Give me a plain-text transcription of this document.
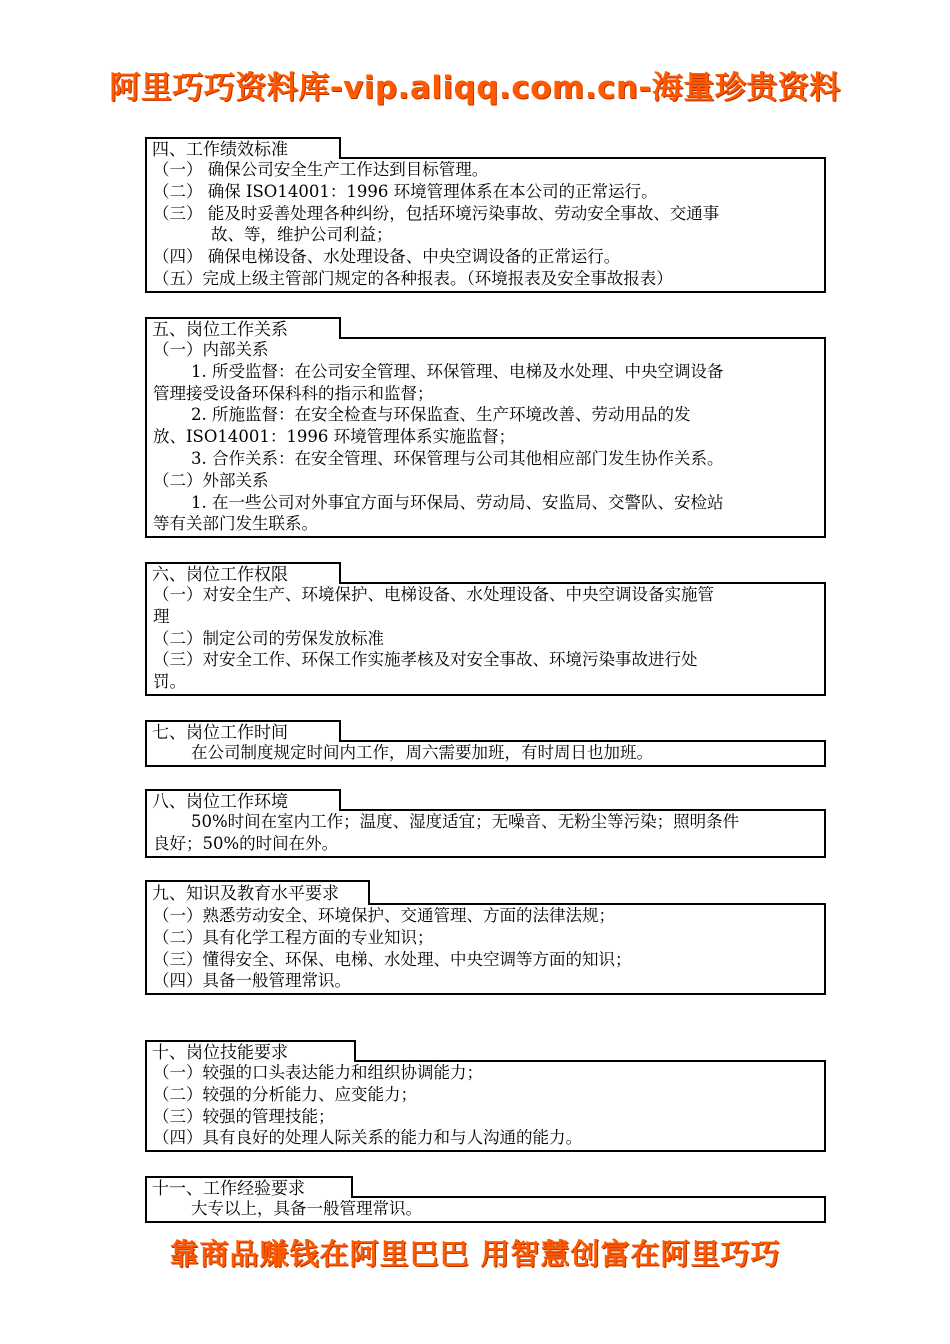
阿里巧巧资料库-vip.aliqq.com.cn-海量珍贵资料
四、工作绩效标准
（一） 确保公司安全生产工作达到目标管理。
（二） 确保 ISO14001：1996 环境管理体系在本公司的正常运行。
（三） 能及时妥善处理各种纠纷，包括环境污染事故、劳动安全事故、交通事
故、等，维护公司利益；
（四） 确保电梯设备、水处理设备、中央空调设备的正常运行。
（五）完成上级主管部门规定的各种报表。（环境报表及安全事故报表）
五、岗位工作关系
（一）内部关系
1. 所受监督：在公司安全管理、环保管理、电梯及水处理、中央空调设备
管理接受设备环保科科的指示和监督；
2. 所施监督：在安全检查与环保监查、生产环境改善、劳动用品的发
放、ISO14001：1996 环境管理体系实施监督；
3. 合作关系：在安全管理、环保管理与公司其他相应部门发生协作关系。
（二）外部关系
1. 在一些公司对外事宜方面与环保局、劳动局、安监局、交警队、安检站
等有关部门发生联系。
六、岗位工作权限
（一）对安全生产、环境保护、电梯设备、水处理设备、中央空调设备实施管
理
（二）制定公司的劳保发放标准
（三）对安全工作、环保工作实施孝核及对安全事故、环境污染事故进行处
罚。
七、岗位工作时间
在公司制度规定时间内工作，周六需要加班，有时周日也加班。
八、岗位工作环境
50%时间在室内工作；温度、湿度适宜；无噪音、无粉尘等污染；照明条件
良好；50%的时间在外。
九、知识及教育水平要求
（一）熟悉劳动安全、环境保护、交通管理、方面的法律法规；
（二）具有化学工程方面的专业知识；
（三）懂得安全、环保、电梯、水处理、中央空调等方面的知识；
（四）具备一般管理常识。
十、岗位技能要求
（一）较强的口头表达能力和组织协调能力；
（二）较强的分析能力、应变能力；
（三）较强的管理技能；
（四）具有良好的处理人际关系的能力和与人沟通的能力。
十一、工作经验要求
大专以上，具备一般管理常识。
靠商品赚钱在阿里巴巴 用智慧创富在阿里巧巧
